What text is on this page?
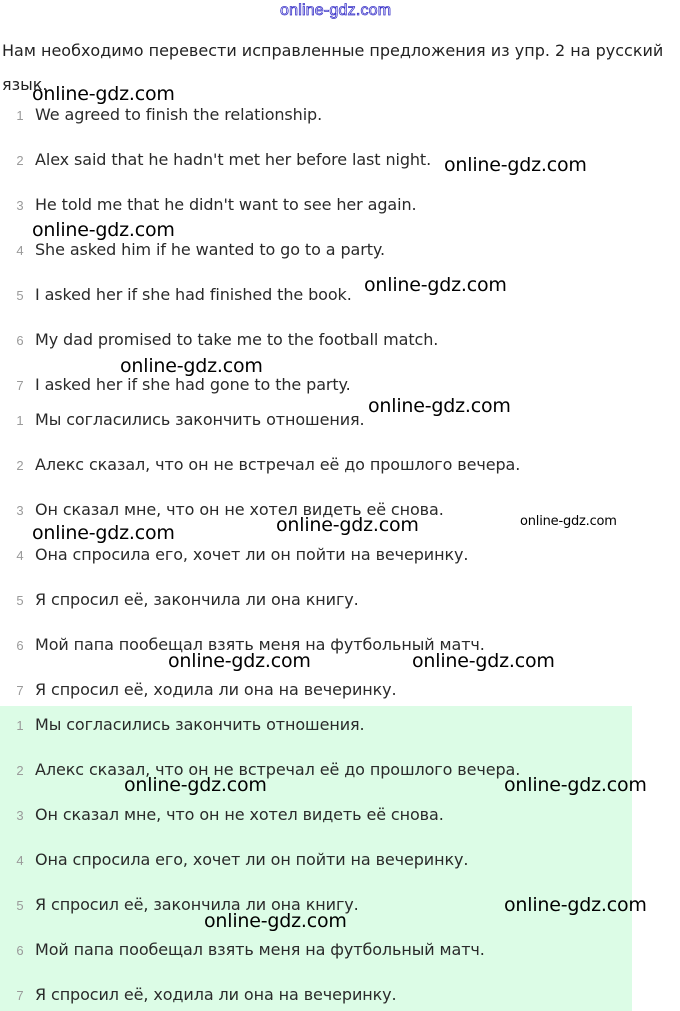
online-gdz.com
Нам необходимо перевести исправленные предложения из упр. 2 на русский язык.
1 We agreed to finish the relationship.
2 Alex said that he hadn't met her before last night.
3 He told me that he didn't want to see her again.
4 She asked him if he wanted to go to a party.
5 I asked her if she had finished the book.
6 My dad promised to take me to the football match.
7 I asked her if she had gone to the party.
1 Мы согласились закончить отношения.
2 Алекс сказал, что он не встречал её до прошлого вечера.
3 Он сказал мне, что он не хотел видеть её снова.
4 Она спросила его, хочет ли он пойти на вечеринку.
5 Я спросил её, закончила ли она книгу.
6 Мой папа пообещал взять меня на футбольный матч.
7 Я спросил её, ходила ли она на вечеринку.
1 Мы согласились закончить отношения.
2 Алекс сказал, что он не встречал её до прошлого вечера.
3 Он сказал мне, что он не хотел видеть её снова.
4 Она спросила его, хочет ли он пойти на вечеринку.
5 Я спросил её, закончила ли она книгу.
6 Мой папа пообещал взять меня на футбольный матч.
7 Я спросил её, ходила ли она на вечеринку.
online-gdz.com
online-gdz.com
online-gdz.com
online-gdz.com
online-gdz.com
online-gdz.com
online-gdz.com
online-gdz.com
online-gdz.com
online-gdz.com	online-gdz.com
online-gdz.com	online-gdz.com
online-gdz.com
online-gdz.com
